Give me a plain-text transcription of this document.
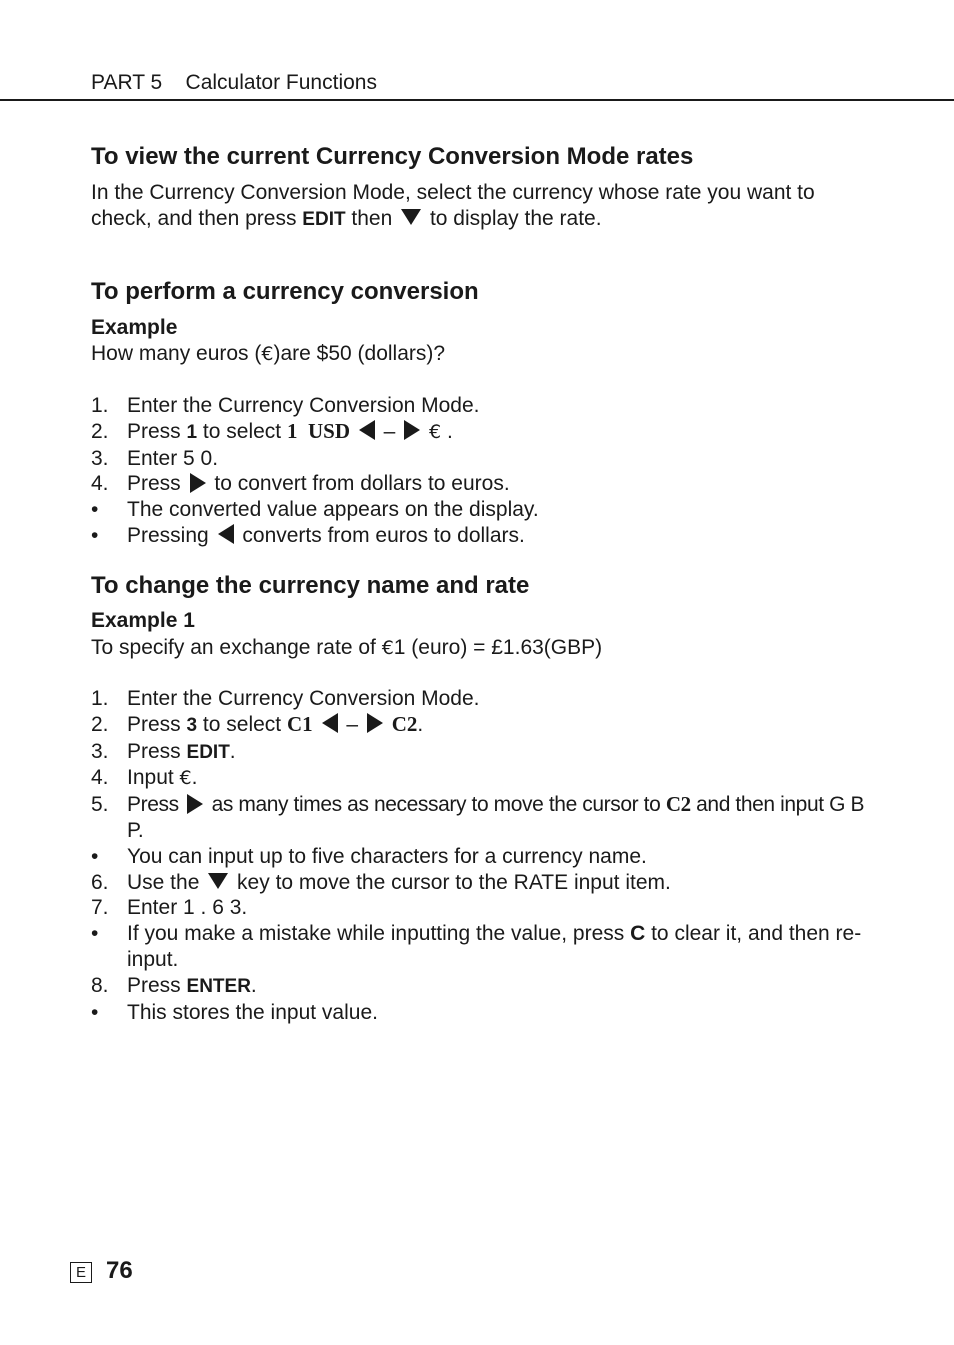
PART 5 Calculator Functions
To view the current Currency Conversion Mode rates
In the Currency Conversion Mode, select the currency whose rate you want to check, and then press EDIT then  to display the rate.
To perform a currency conversion
Example
How many euros (€)are $50 (dollars)?
1. Enter the Currency Conversion Mode.
2. Press 1 to select 1  USD  –  € .
3. Enter 5 0.
4. Press  to convert from dollars to euros.
• The converted value appears on the display.
• Pressing  converts from euros to dollars.
To change the currency name and rate
Example 1
To specify an exchange rate of €1 (euro) = £1.63(GBP)
1. Enter the Currency Conversion Mode.
2. Press 3 to select C1  –  C2.
3. Press EDIT.
4. Input €.
5. Press  as many times as necessary to move the cursor to C2 and then input G B P.
• You can input up to five characters for a currency name.
6. Use the  key to move the cursor to the RATE input item.
7. Enter 1 . 6 3.
• If you make a mistake while inputting the value, press C to clear it, and then re-input.
8. Press ENTER.
• This stores the input value.
E 76
